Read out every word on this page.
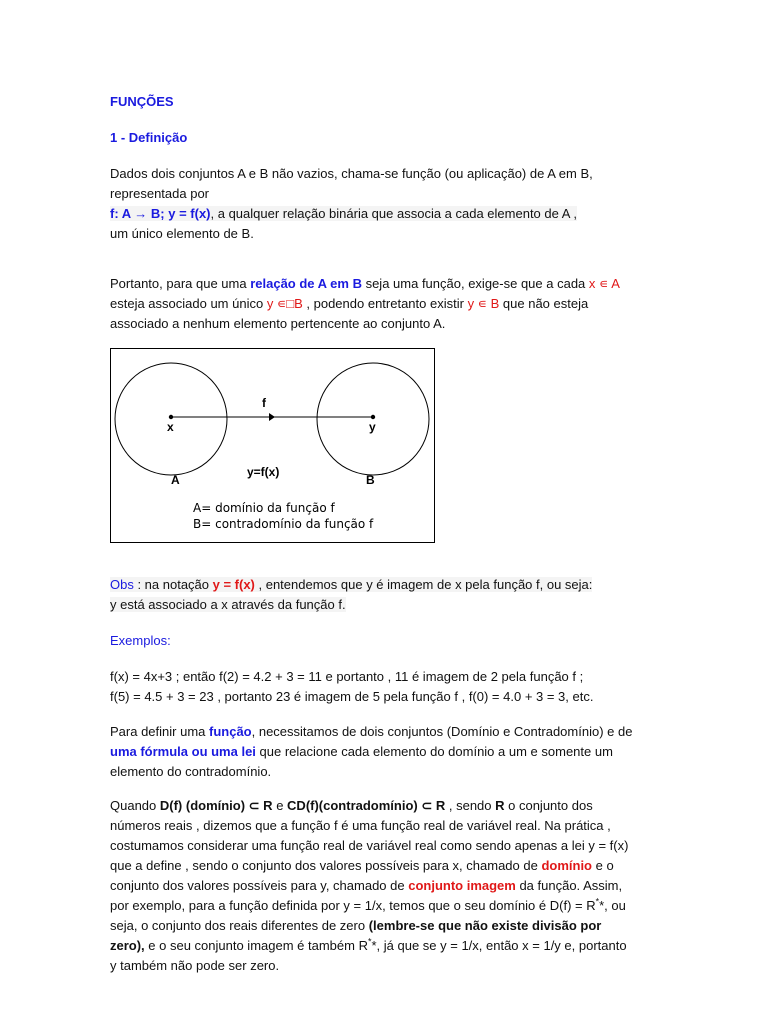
FUNÇÕES
1 - Definição
Dados dois conjuntos A e B não vazios, chama-se função (ou aplicação) de A em B,
representada por
f: A → B; y = f(x), a qualquer relação binária que associa a cada elemento de A ,
um único elemento de B.
Portanto, para que uma relação de A em B seja uma função, exige-se que a cada x ∊ A
esteja associado um único y ∊□B , podendo entretanto existir y ∊ B que não esteja
associado a nenhum elemento pertencente ao conjunto A.
f
x	y
y=f(x)
A	B
A= domínio da função f
B= contradomínio da função f
Obs : na notação y = f(x) , entendemos que y é imagem de x pela função f, ou seja:
y está associado a x através da função f.
Exemplos:
f(x) = 4x+3 ; então f(2) = 4.2 + 3 = 11 e portanto , 11 é imagem de 2 pela função f ;
f(5) = 4.5 + 3 = 23 , portanto 23 é imagem de 5 pela função f , f(0) = 4.0 + 3 = 3, etc.
Para definir uma função, necessitamos de dois conjuntos (Domínio e Contradomínio) e de
uma fórmula ou uma lei que relacione cada elemento do domínio a um e somente um
elemento do contradomínio.
Quando D(f) (domínio) ⊂ R e CD(f)(contradomínio) ⊂ R , sendo R o conjunto dos
números reais , dizemos que a função f é uma função real de variável real. Na prática ,
costumamos considerar uma função real de variável real como sendo apenas a lei y = f(x)
que a define , sendo o conjunto dos valores possíveis para x, chamado de domínio e o
conjunto dos valores possíveis para y, chamado de conjunto imagem da função. Assim,
por exemplo, para a função definida por y = 1/x, temos que o seu domínio é D(f) = R**, ou
seja, o conjunto dos reais diferentes de zero (lembre-se que não existe divisão por
zero), e o seu conjunto imagem é também R**, já que se y = 1/x, então x = 1/y e, portanto
y também não pode ser zero.
